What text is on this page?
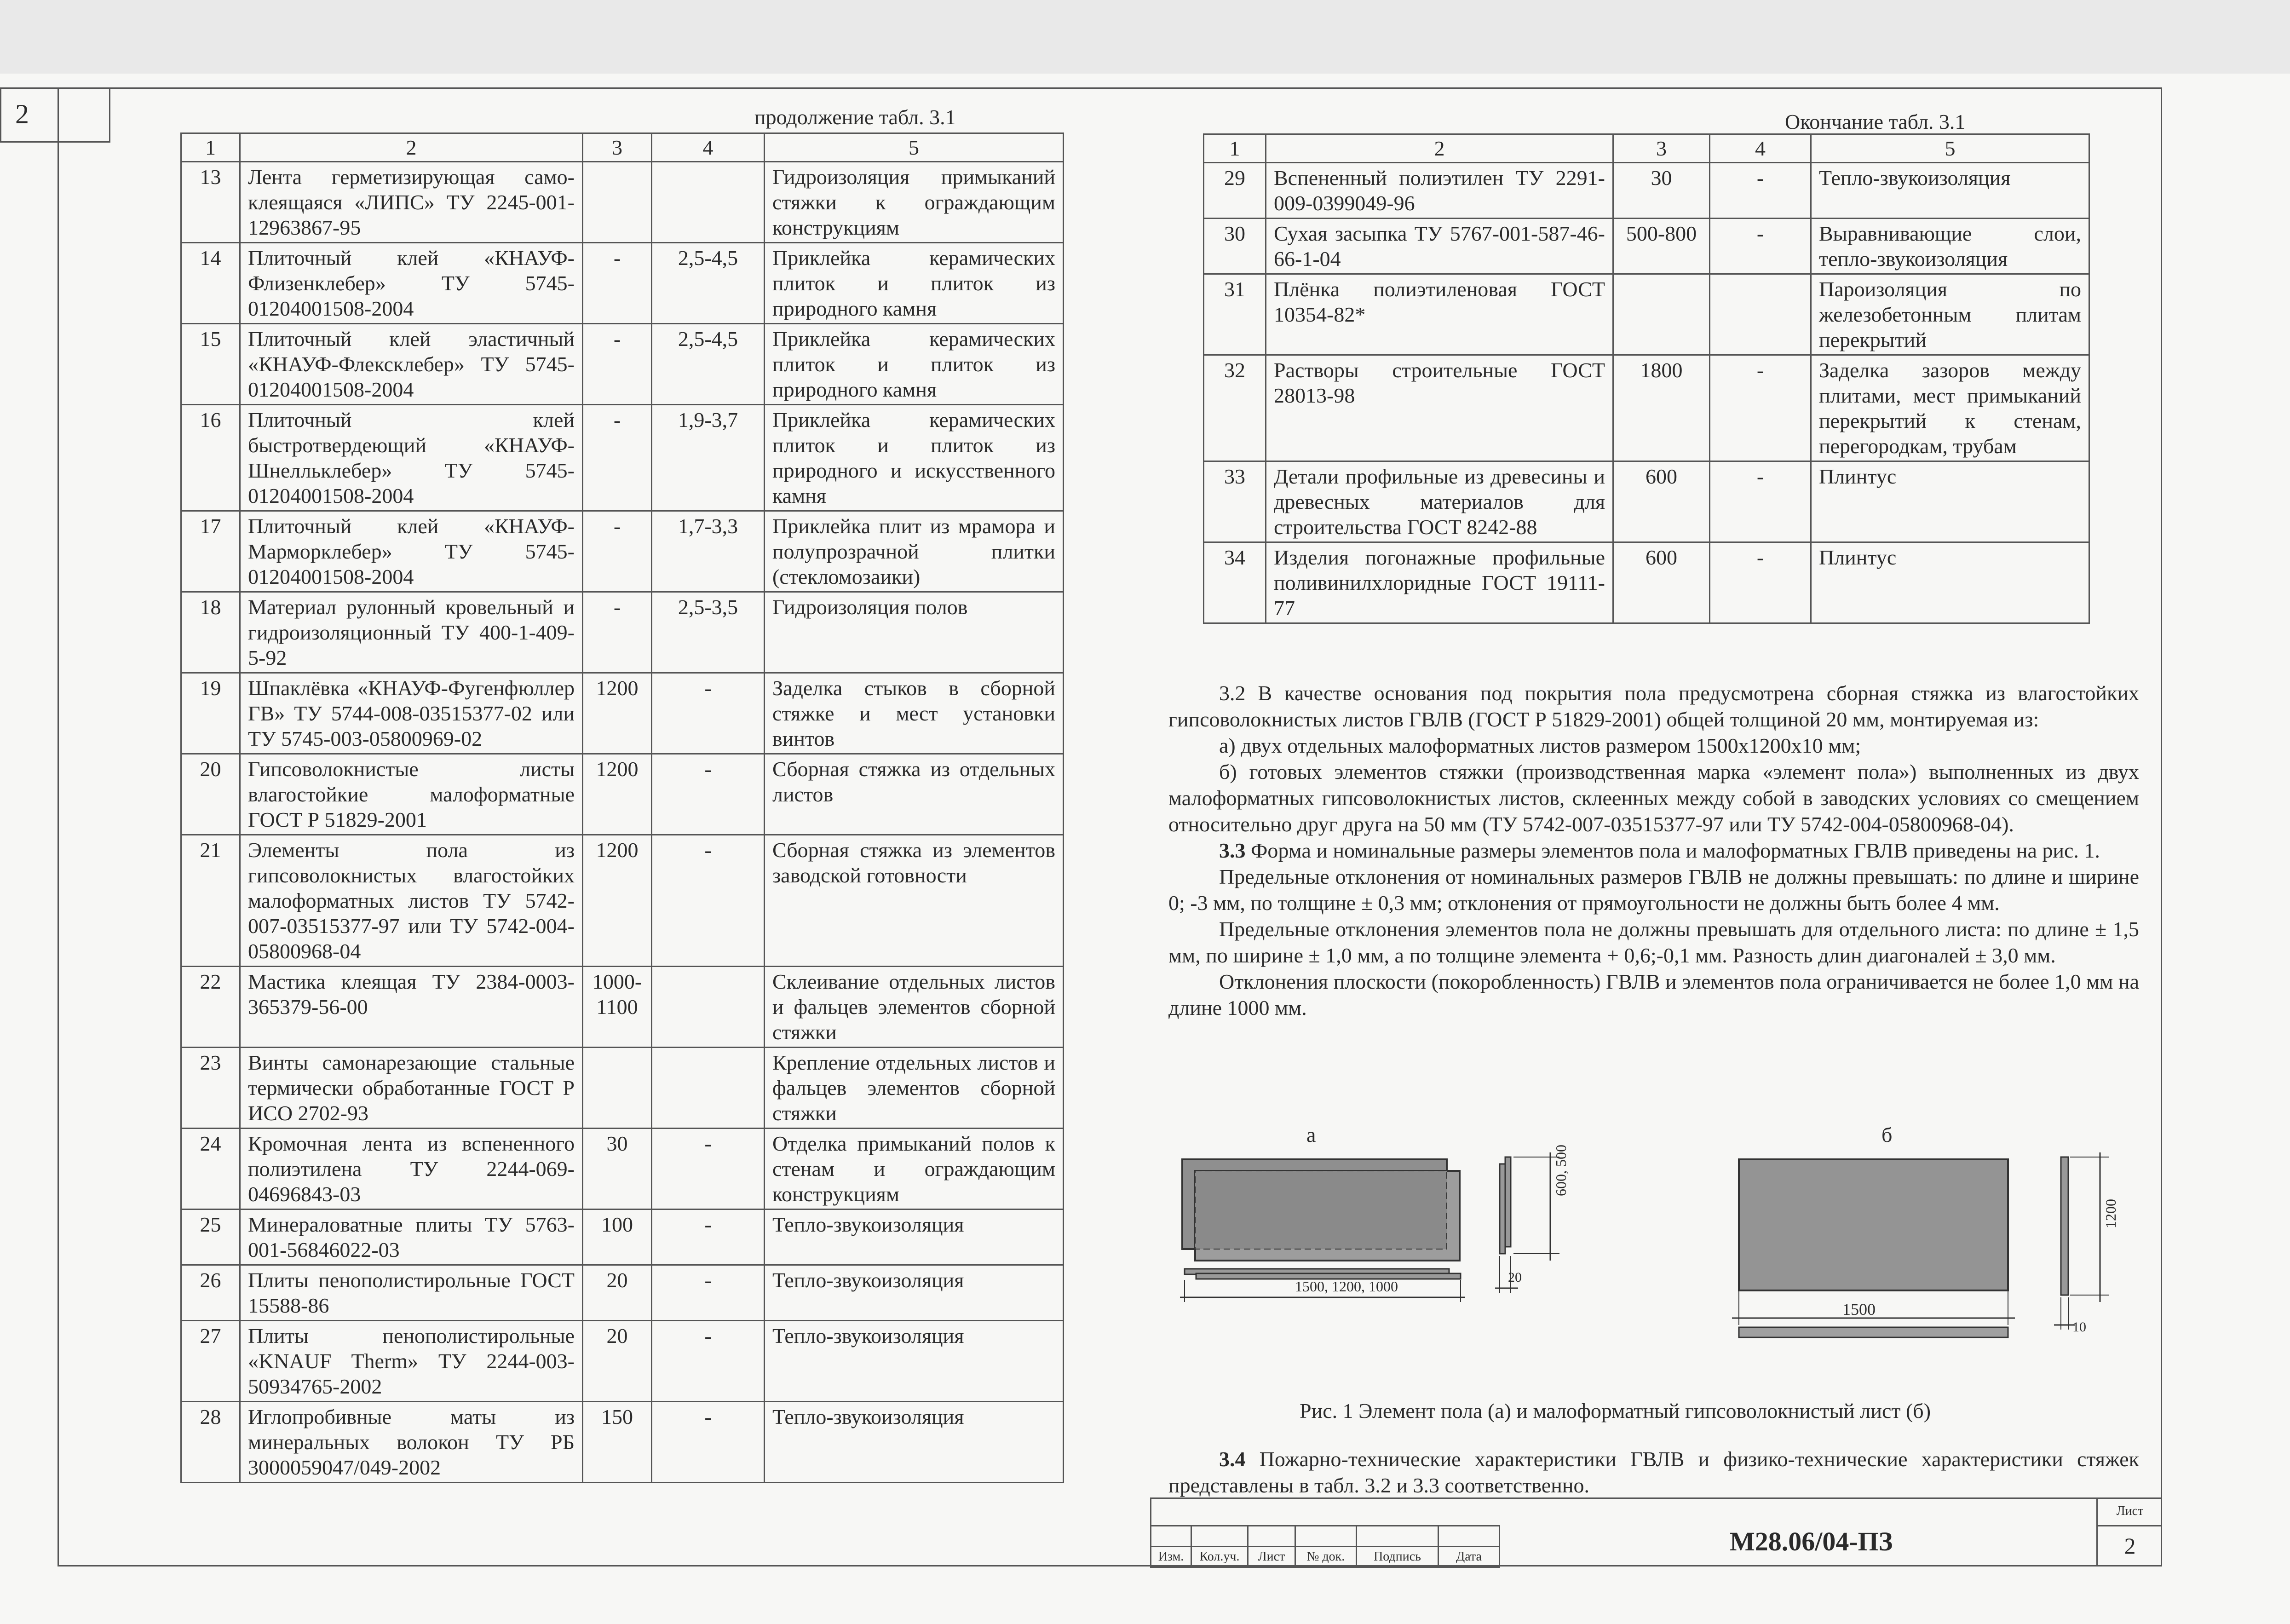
2	продолжение табл. 3.1
1	2	3	4	5
13	Лента герметизирующая само-клеящаяся «ЛИПС» ТУ 2245-001-12963867-95			Гидроизоляция примыканий стяжки к ограждающим конструкциям
14	Плиточный клей «КНАУФ-Флизенклебер» ТУ 5745-01204001508-2004	-	2,5-4,5	Приклейка керамических плиток и плиток из природного камня
15	Плиточный клей эластичный «КНАУФ-Флексклебер» ТУ 5745-01204001508-2004	-	2,5-4,5	Приклейка керамических плиток и плиток из природного камня
16	Плиточный клей быстротвердеющий «КНАУФ-Шнелльклебер» ТУ 5745-01204001508-2004	-	1,9-3,7	Приклейка керамических плиток и плиток из природного и искусственного камня
17	Плиточный клей «КНАУФ-Марморклебер» ТУ 5745-01204001508-2004	-	1,7-3,3	Приклейка плит из мрамора и полупрозрачной плитки (стекломозаики)
18	Материал рулонный кровельный и гидроизоляционный ТУ 400-1-409-5-92	-	2,5-3,5	Гидроизоляция полов
19	Шпаклёвка «КНАУФ-Фугенфюллер ГВ» ТУ 5744-008-03515377-02 или ТУ 5745-003-05800969-02	1200	-	Заделка стыков в сборной стяжке и мест установки винтов
20	Гипсоволокнистые листы влагостойкие малоформатные ГОСТ Р 51829-2001	1200	-	Сборная стяжка из отдельных листов
21	Элементы пола из гипсоволокнистых влагостойких малоформатных листов ТУ 5742-007-03515377-97 или ТУ 5742-004-05800968-04	1200	-	Сборная стяжка из элементов заводской готовности
22	Мастика клеящая ТУ 2384-0003-365379-56-00	1000-1100		Склеивание отдельных листов и фальцев элементов сборной стяжки
23	Винты самонарезающие стальные термически обработанные ГОСТ Р ИСО 2702-93			Крепление отдельных листов и фальцев элементов сборной стяжки
24	Кромочная лента из вспененного полиэтилена ТУ 2244-069-04696843-03	30	-	Отделка примыканий полов к стенам и ограждающим конструкциям
25	Минераловатные плиты ТУ 5763-001-56846022-03	100	-	Тепло-звукоизоляция
26	Плиты пенополистирольные ГОСТ 15588-86	20	-	Тепло-звукоизоляция
27	Плиты пенополистирольные «KNAUF Therm» ТУ 2244-003-50934765-2002	20	-	Тепло-звукоизоляция
28	Иглопробивные маты из минеральных волокон ТУ РБ 3000059047/049-2002	150	-	Тепло-звукоизоляция
Окончание табл. 3.1
1	2	3	4	5
29	Вспененный полиэтилен ТУ 2291-009-0399049-96	30	-	Тепло-звукоизоляция
30	Сухая засыпка ТУ 5767-001-587-46-66-1-04	500-800	-	Выравнивающие слои, тепло-звукоизоляция
31	Плёнка полиэтиленовая ГОСТ 10354-82*			Пароизоляция по железобетонным плитам перекрытий
32	Растворы строительные ГОСТ 28013-98	1800	-	Заделка зазоров между плитами, мест примыканий перекрытий к стенам, перегородкам, трубам
33	Детали профильные из древесины и древесных материалов для строительства ГОСТ 8242-88	600	-	Плинтус
34	Изделия погонажные профильные поливинилхлоридные ГОСТ 19111-77	600	-	Плинтус

3.2 В качестве основания под покрытия пола предусмотрена сборная стяжка из влагостойких гипсоволокнистых листов ГВЛВ (ГОСТ Р 51829-2001) общей толщиной 20 мм, монтируемая из:

а) двух отдельных малоформатных листов размером 1500х1200х10 мм;

б) готовых элементов стяжки (производственная марка «элемент пола») выполненных из двух малоформатных гипсоволокнистых листов, склеенных между собой в заводских условиях со смещением относительно друг друга на 50 мм (ТУ 5742-007-03515377-97 или ТУ 5742-004-05800968-04).

3.3 Форма и номинальные размеры элементов пола и малоформатных ГВЛВ приведены на рис. 1.

Предельные отклонения от номинальных размеров ГВЛВ не должны превышать: по длине и ширине 0; -3 мм, по толщине ± 0,3 мм; отклонения от прямоугольности не должны быть более 4 мм.

Предельные отклонения элементов пола не должны превышать для отдельного листа: по длине ± 1,5 мм, по ширине ± 1,0 мм, а по толщине элемента + 0,6;-0,1 мм. Разность длин диагоналей ± 3,0 мм.

Отклонения плоскости (покоробленность) ГВЛВ и элементов пола ограничивается не более 1,0 мм на длине 1000 мм.

а	б
1500, 1200, 1000
600, 500
20
1500
1200
10
Рис. 1 Элемент пола (а) и малоформатный гипсоволокнистый лист (б)
3.4 Пожарно-технические характеристики ГВЛВ и физико-технические характеристики стяжек представлены в табл. 3.2 и 3.3 соответственно.

Изм.	Кол.уч.	Лист	№ док.	Подпись	Дата
М28.06/04-ПЗ
Лист
2
